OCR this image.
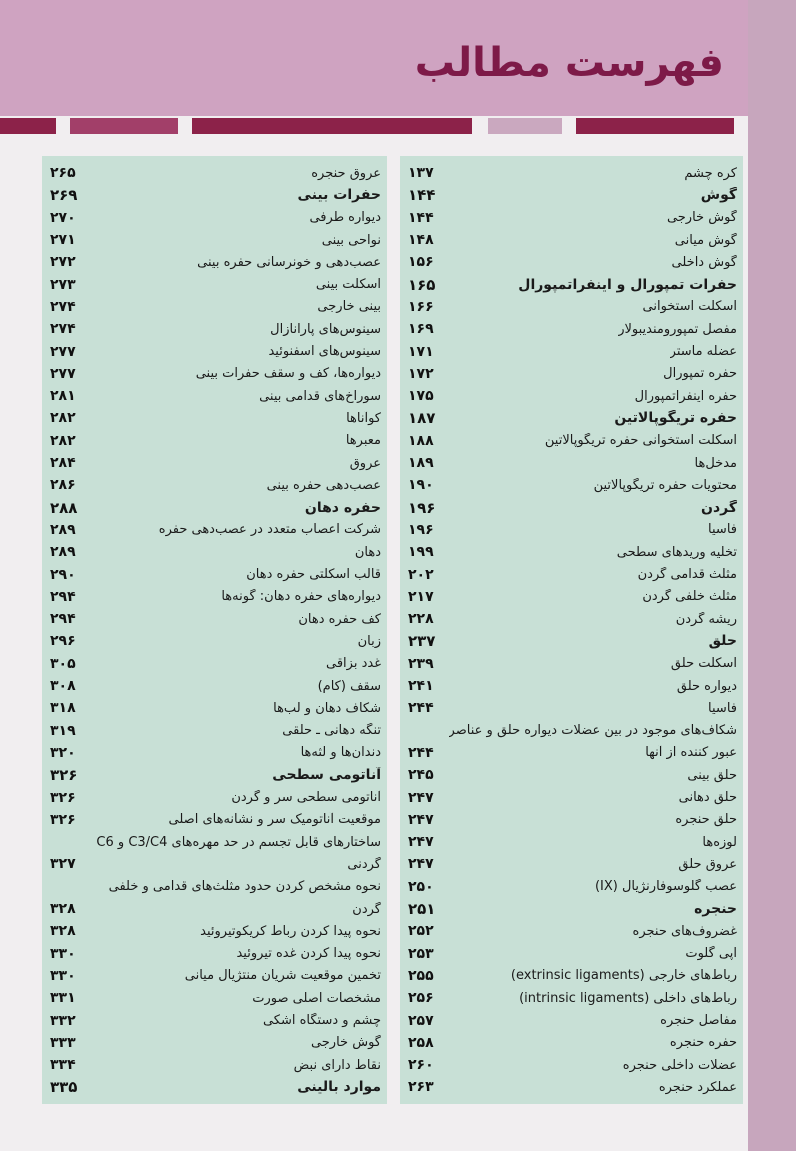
فهرست مطالب
عروق حنجره
۲۶۵
حفرات بینی
۲۶۹
دیواره طرفی
۲۷۰
نواحی بینی
۲۷۱
عصب‌دهی و خونرسانی حفره بینی
۲۷۲
اسکلت بینی
۲۷۳
بینی خارجی
۲۷۴
سینوس‌های پارانازال
۲۷۴
سینوس‌های اسفنوئید
۲۷۷
دیواره‌ها، کف و سقف حفرات بینی
۲۷۷
سوراخ‌های قدامی بینی
۲۸۱
کوآناها
۲۸۲
معبرها
۲۸۲
عروق
۲۸۴
عصب‌دهی حفره بینی
۲۸۶
حفره دهان
۲۸۸
شرکت اعصاب متعدد در عصب‌دهی حفره
۲۸۹
دهان
۲۸۹
قالب اسکلتی حفره دهان
۲۹۰
دیواره‌های حفره دهان: گونه‌ها
۲۹۴
کف حفره دهان
۲۹۴
زبان
۲۹۶
غدد بزاقی
۳۰۵
سقف (کام)
۳۰۸
شکاف دهان و لب‌ها
۳۱۸
تنگه دهانی ـ حلقی
۳۱۹
دندان‌ها و لثه‌ها
۳۲۰
آناتومی سطحی
۳۲۶
آناتومی سطحی سر و گردن
۳۲۶
موقعیت آناتومیک سر و نشانه‌های اصلی
۳۲۶
ساختارهای قابل تجسم در حد مهره‌های C3/C4 و C6
گردنی
۳۲۷
نحوه مشخص کردن حدود مثلث‌های قدامی و خلفی
گردن
۳۲۸
نحوه پیدا کردن رباط کریکوتیروئید
۳۲۸
نحوه پیدا کردن غده تیروئید
۳۳۰
تخمین موقعیت شریان منتژیال میانی
۳۳۰
مشخصات اصلی صورت
۳۳۱
چشم و دستگاه اشکی
۳۳۲
گوش خارجی
۳۳۳
نقاط دارای نبض
۳۳۴
موارد بالینی
۳۳۵
کره چشم
۱۳۷
گوش
۱۴۴
گوش خارجی
۱۴۴
گوش میانی
۱۴۸
گوش داخلی
۱۵۶
حفرات تمپورال و اینفراتمپورال
۱۶۵
اسکلت استخوانی
۱۶۶
مفصل تمپورومندیبولار
۱۶۹
عضله ماستر
۱۷۱
حفره تمپورال
۱۷۲
حفره اینفراتمپورال
۱۷۵
حفره تریگوپالاتین
۱۸۷
اسکلت استخوانی حفره تریگوپالاتین
۱۸۸
مدخل‌ها
۱۸۹
محتویات حفره تریگوپالاتین
۱۹۰
گردن
۱۹۶
فاسیا
۱۹۶
تخلیه وریدهای سطحی
۱۹۹
مثلث قدامی گردن
۲۰۲
مثلث خلفی گردن
۲۱۷
ریشه گردن
۲۲۸
حلق
۲۳۷
اسکلت حلق
۲۳۹
دیواره حلق
۲۴۱
فاسیا
۲۴۴
شکاف‌های موجود در بین عضلات دیواره حلق و عناصر
عبور کننده از آنها
۲۴۴
حلق بینی
۲۴۵
حلق دهانی
۲۴۷
حلق حنجره
۲۴۷
لوزه‌ها
۲۴۷
عروق حلق
۲۴۷
عصب گلوسوفارنژیال (IX)
۲۵۰
حنجره
۲۵۱
غضروف‌های حنجره
۲۵۲
اپی گلوت
۲۵۳
رباط‌های خارجی (extrinsic ligaments)
۲۵۵
رباط‌های داخلی (intrinsic ligaments)
۲۵۶
مفاصل حنجره
۲۵۷
حفره حنجره
۲۵۸
عضلات داخلی حنجره
۲۶۰
عملکرد حنجره
۲۶۳
